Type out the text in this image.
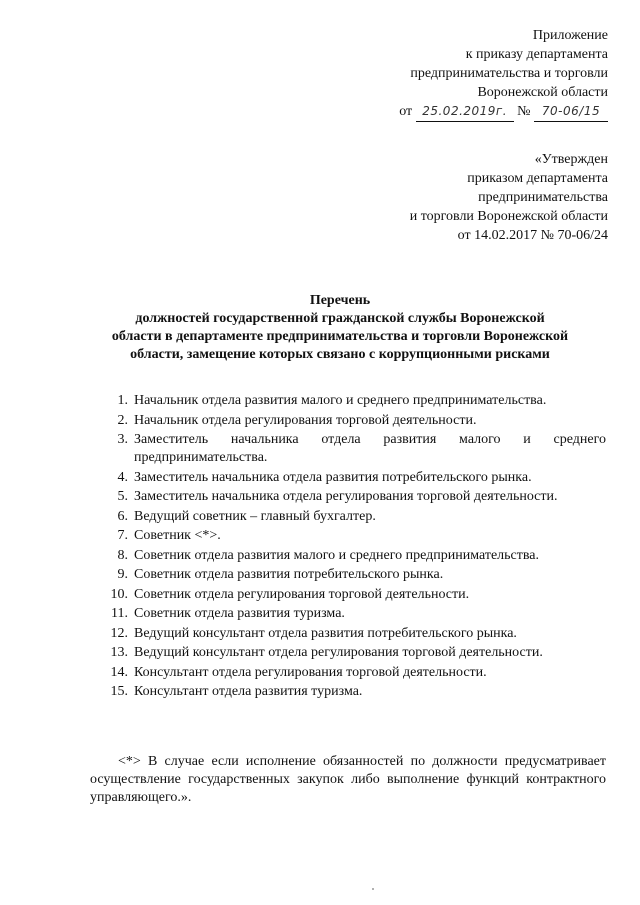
Приложение
к приказу департамента
предпринимательства и торговли
Воронежской области
от 25.02.2019г. № 70-06/15
«Утвержден
приказом департамента
предпринимательства
и торговли Воронежской области
от 14.02.2017 № 70-06/24
Перечень
должностей государственной гражданской службы Воронежской
области в департаменте предпринимательства и торговли Воронежской
области, замещение которых связано с коррупционными рисками
1. Начальник отдела развития малого и среднего предпринимательства.
2. Начальник отдела регулирования торговой деятельности.
3. Заместитель начальника отдела развития малого и среднего предпринимательства.
4. Заместитель начальника отдела развития потребительского рынка.
5. Заместитель начальника отдела регулирования торговой деятельности.
6. Ведущий советник – главный бухгалтер.
7. Советник <*>.
8. Советник отдела развития малого и среднего предпринимательства.
9. Советник отдела развития потребительского рынка.
10. Советник отдела регулирования торговой деятельности.
11. Советник отдела развития туризма.
12. Ведущий консультант отдела развития потребительского рынка.
13. Ведущий консультант отдела регулирования торговой деятельности.
14. Консультант отдела регулирования торговой деятельности.
15. Консультант отдела развития туризма.

<*> В случае если исполнение обязанностей по должности предусматривает осуществление государственных закупок либо выполнение функций контрактного управляющего.».
